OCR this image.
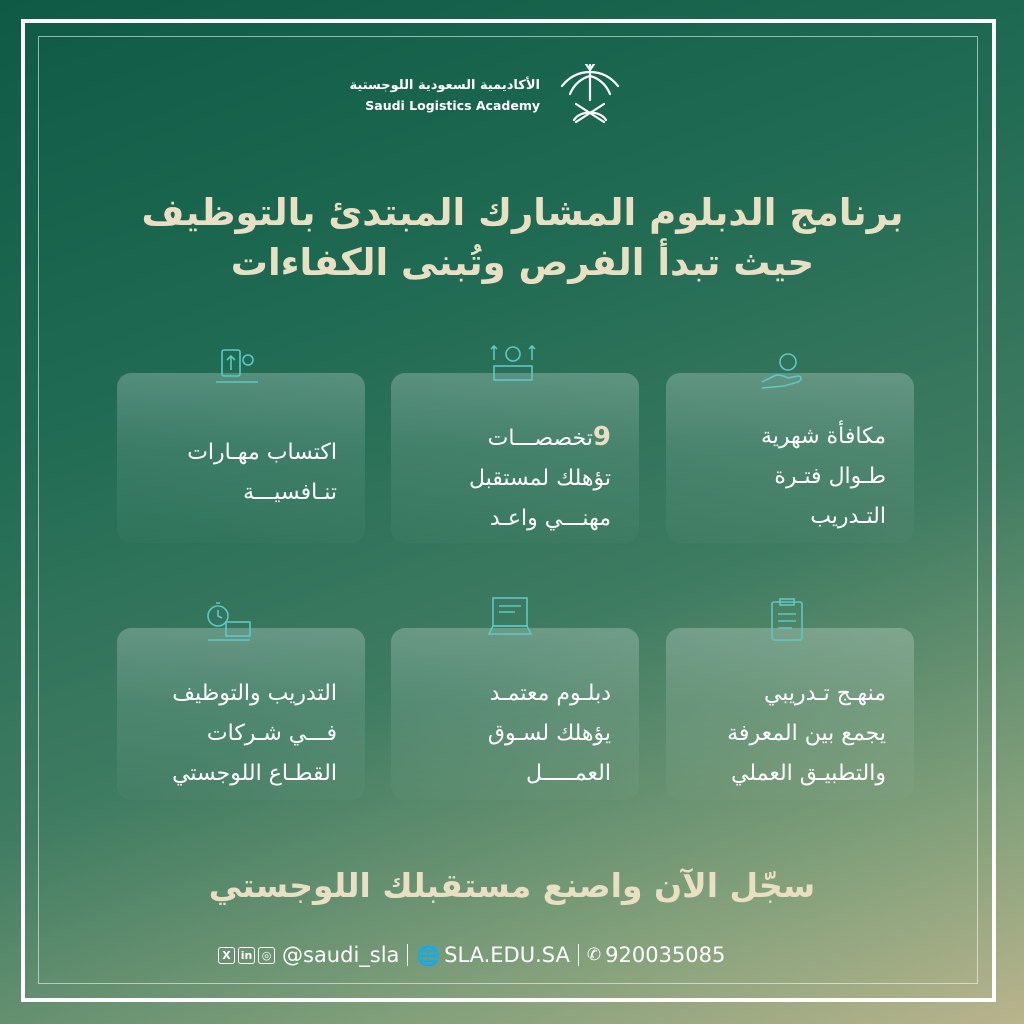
الأكاديمية السعودية اللوجستية
Saudi Logistics Academy
برنامج الدبلوم المشارك المبتدئ بالتوظيف
حيث تبدأ الفرص وتُبنى الكفاءات
مكافأة شهرية
طـوال فتـرة
التـدريب
9تخصصـــات
تؤهلك لمستقبل
مهنـــي واعـد
اكتساب مهـارات
تنـافسيـــة
منهـج تـدريبي
يجمع بين المعرفة
والتطبيـق العملي
دبلـوم معتمـد
يؤهلك لسـوق
العمـــــل
التدريب والتوظيف
فـــي شـركات
القطـاع اللوجستي
سجّل الآن واصنع مستقبلك اللوجستي
X in ◎ @saudi_sla 🌐 SLA.EDU.SA ✆ 920035085
